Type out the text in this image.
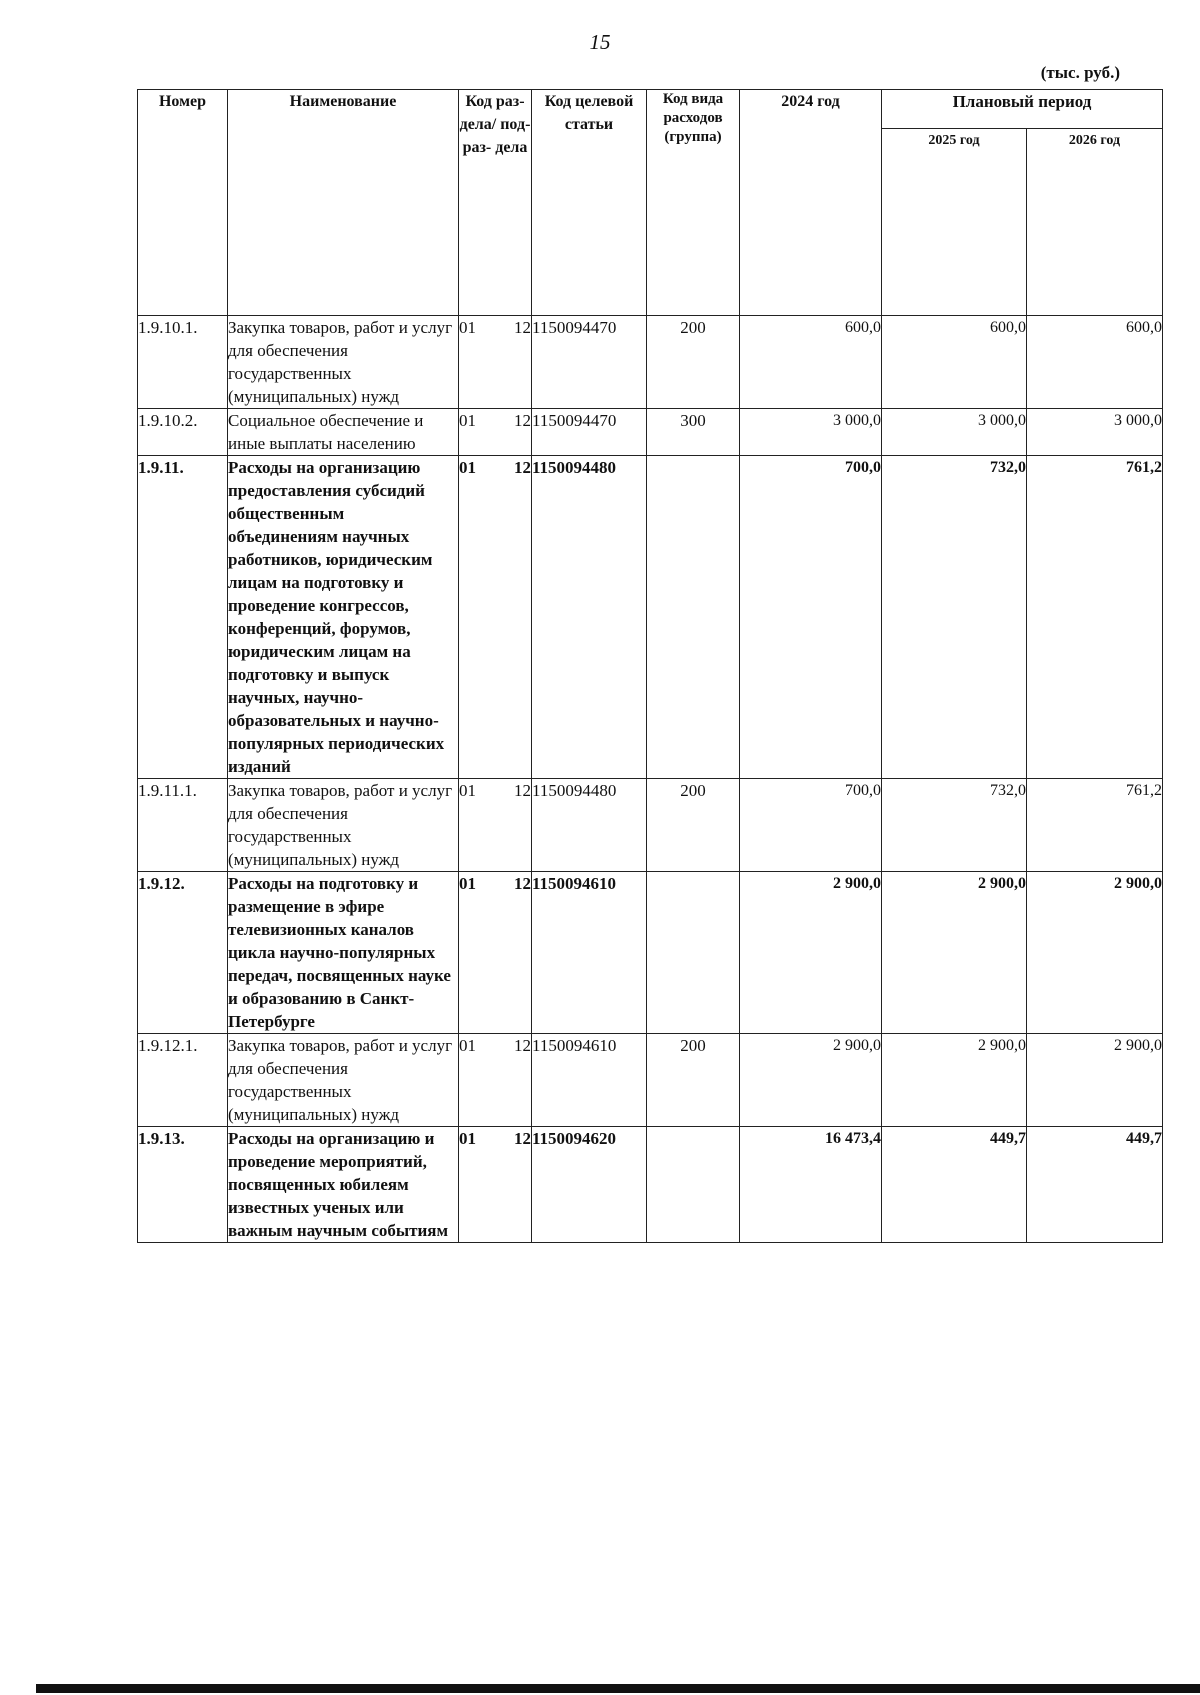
15
(тыс. руб.)
Номер	Наименование	Код раз- дела/ под- раз- дела	Код целевой статьи	Код вида расходов (группа)	2024 год	Плановый период	
						2025 год	2026 год
1.9.10.1.	Закупка товаров, работ и услуг для обеспечения государственных (муниципальных) нужд	01 12	1150094470	200	600,0	600,0	600,0
1.9.10.2.	Социальное обеспечение и иные выплаты населению	01 12	1150094470	300	3 000,0	3 000,0	3 000,0
1.9.11.	Расходы на организацию предоставления субсидий общественным объединениям научных работников, юридическим лицам на подготовку и проведение конгрессов, конференций, форумов, юридическим лицам на подготовку и выпуск научных, научно-образовательных и научно-популярных периодических изданий	01 12	1150094480		700,0	732,0	761,2
1.9.11.1.	Закупка товаров, работ и услуг для обеспечения государственных (муниципальных) нужд	01 12	1150094480	200	700,0	732,0	761,2
1.9.12.	Расходы на подготовку и размещение в эфире телевизионных каналов цикла научно-популярных передач, посвященных науке и образованию в Санкт-Петербурге	01 12	1150094610		2 900,0	2 900,0	2 900,0
1.9.12.1.	Закупка товаров, работ и услуг для обеспечения государственных (муниципальных) нужд	01 12	1150094610	200	2 900,0	2 900,0	2 900,0
1.9.13.	Расходы на организацию и проведение мероприятий, посвященных юбилеям известных ученых или важным научным событиям	01 12	1150094620		16 473,4	449,7	449,7
